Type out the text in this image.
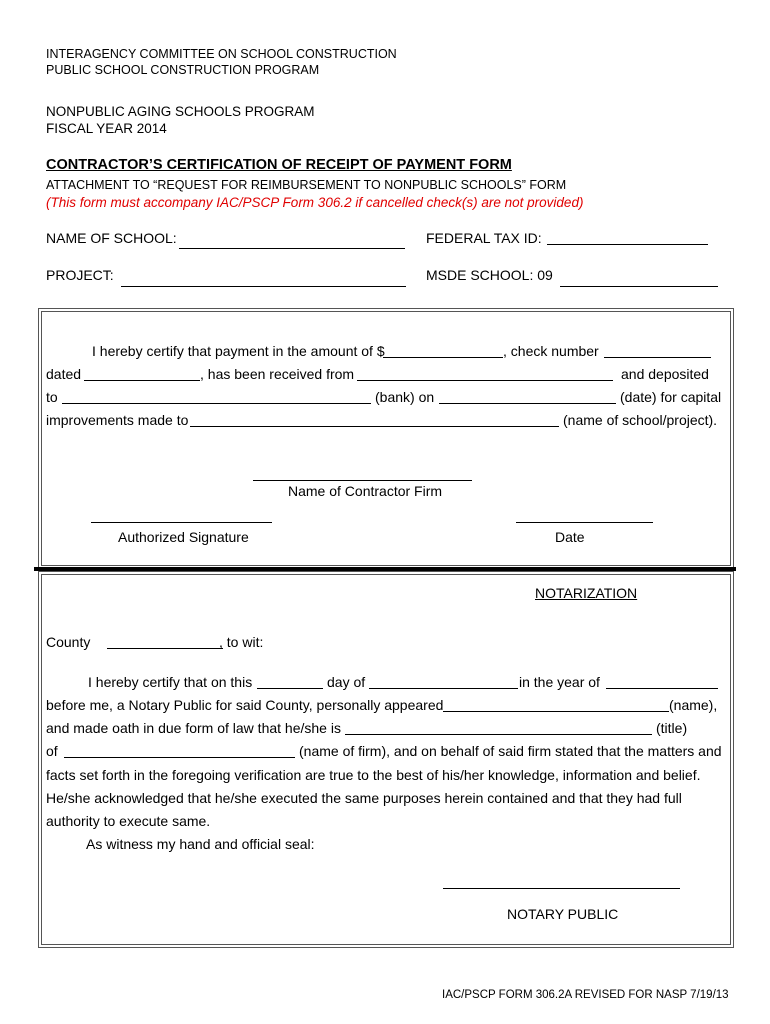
INTERAGENCY COMMITTEE ON SCHOOL CONSTRUCTION
PUBLIC SCHOOL CONSTRUCTION PROGRAM
NONPUBLIC AGING SCHOOLS PROGRAM
FISCAL YEAR 2014
CONTRACTOR’S CERTIFICATION OF RECEIPT OF PAYMENT FORM
ATTACHMENT TO “REQUEST FOR REIMBURSEMENT TO NONPUBLIC SCHOOLS” FORM
(This form must accompany IAC/PSCP Form 306.2 if cancelled check(s) are not provided)
NAME OF SCHOOL:	FEDERAL TAX ID:
PROJECT:	MSDE SCHOOL: 09
I hereby certify that payment in the amount of $	, check number
dated	, has been received from	and deposited
to	(bank) on	(date) for capital
improvements made to	(name of school/project).
Name of Contractor Firm
Authorized Signature	Date
NOTARIZATION
County	, to wit:
I hereby certify that on this	day of	in the year of
before me, a Notary Public for said County, personally appeared	(name),
and made oath in due form of law that he/she is	(title)
of	(name of firm), and on behalf of said firm stated that the matters and
facts set forth in the foregoing verification are true to the best of his/her knowledge, information and belief.
He/she acknowledged that he/she executed the same purposes herein contained and that they had full
authority to execute same.
As witness my hand and official seal:
NOTARY PUBLIC
IAC/PSCP FORM 306.2A REVISED FOR NASP 7/19/13
